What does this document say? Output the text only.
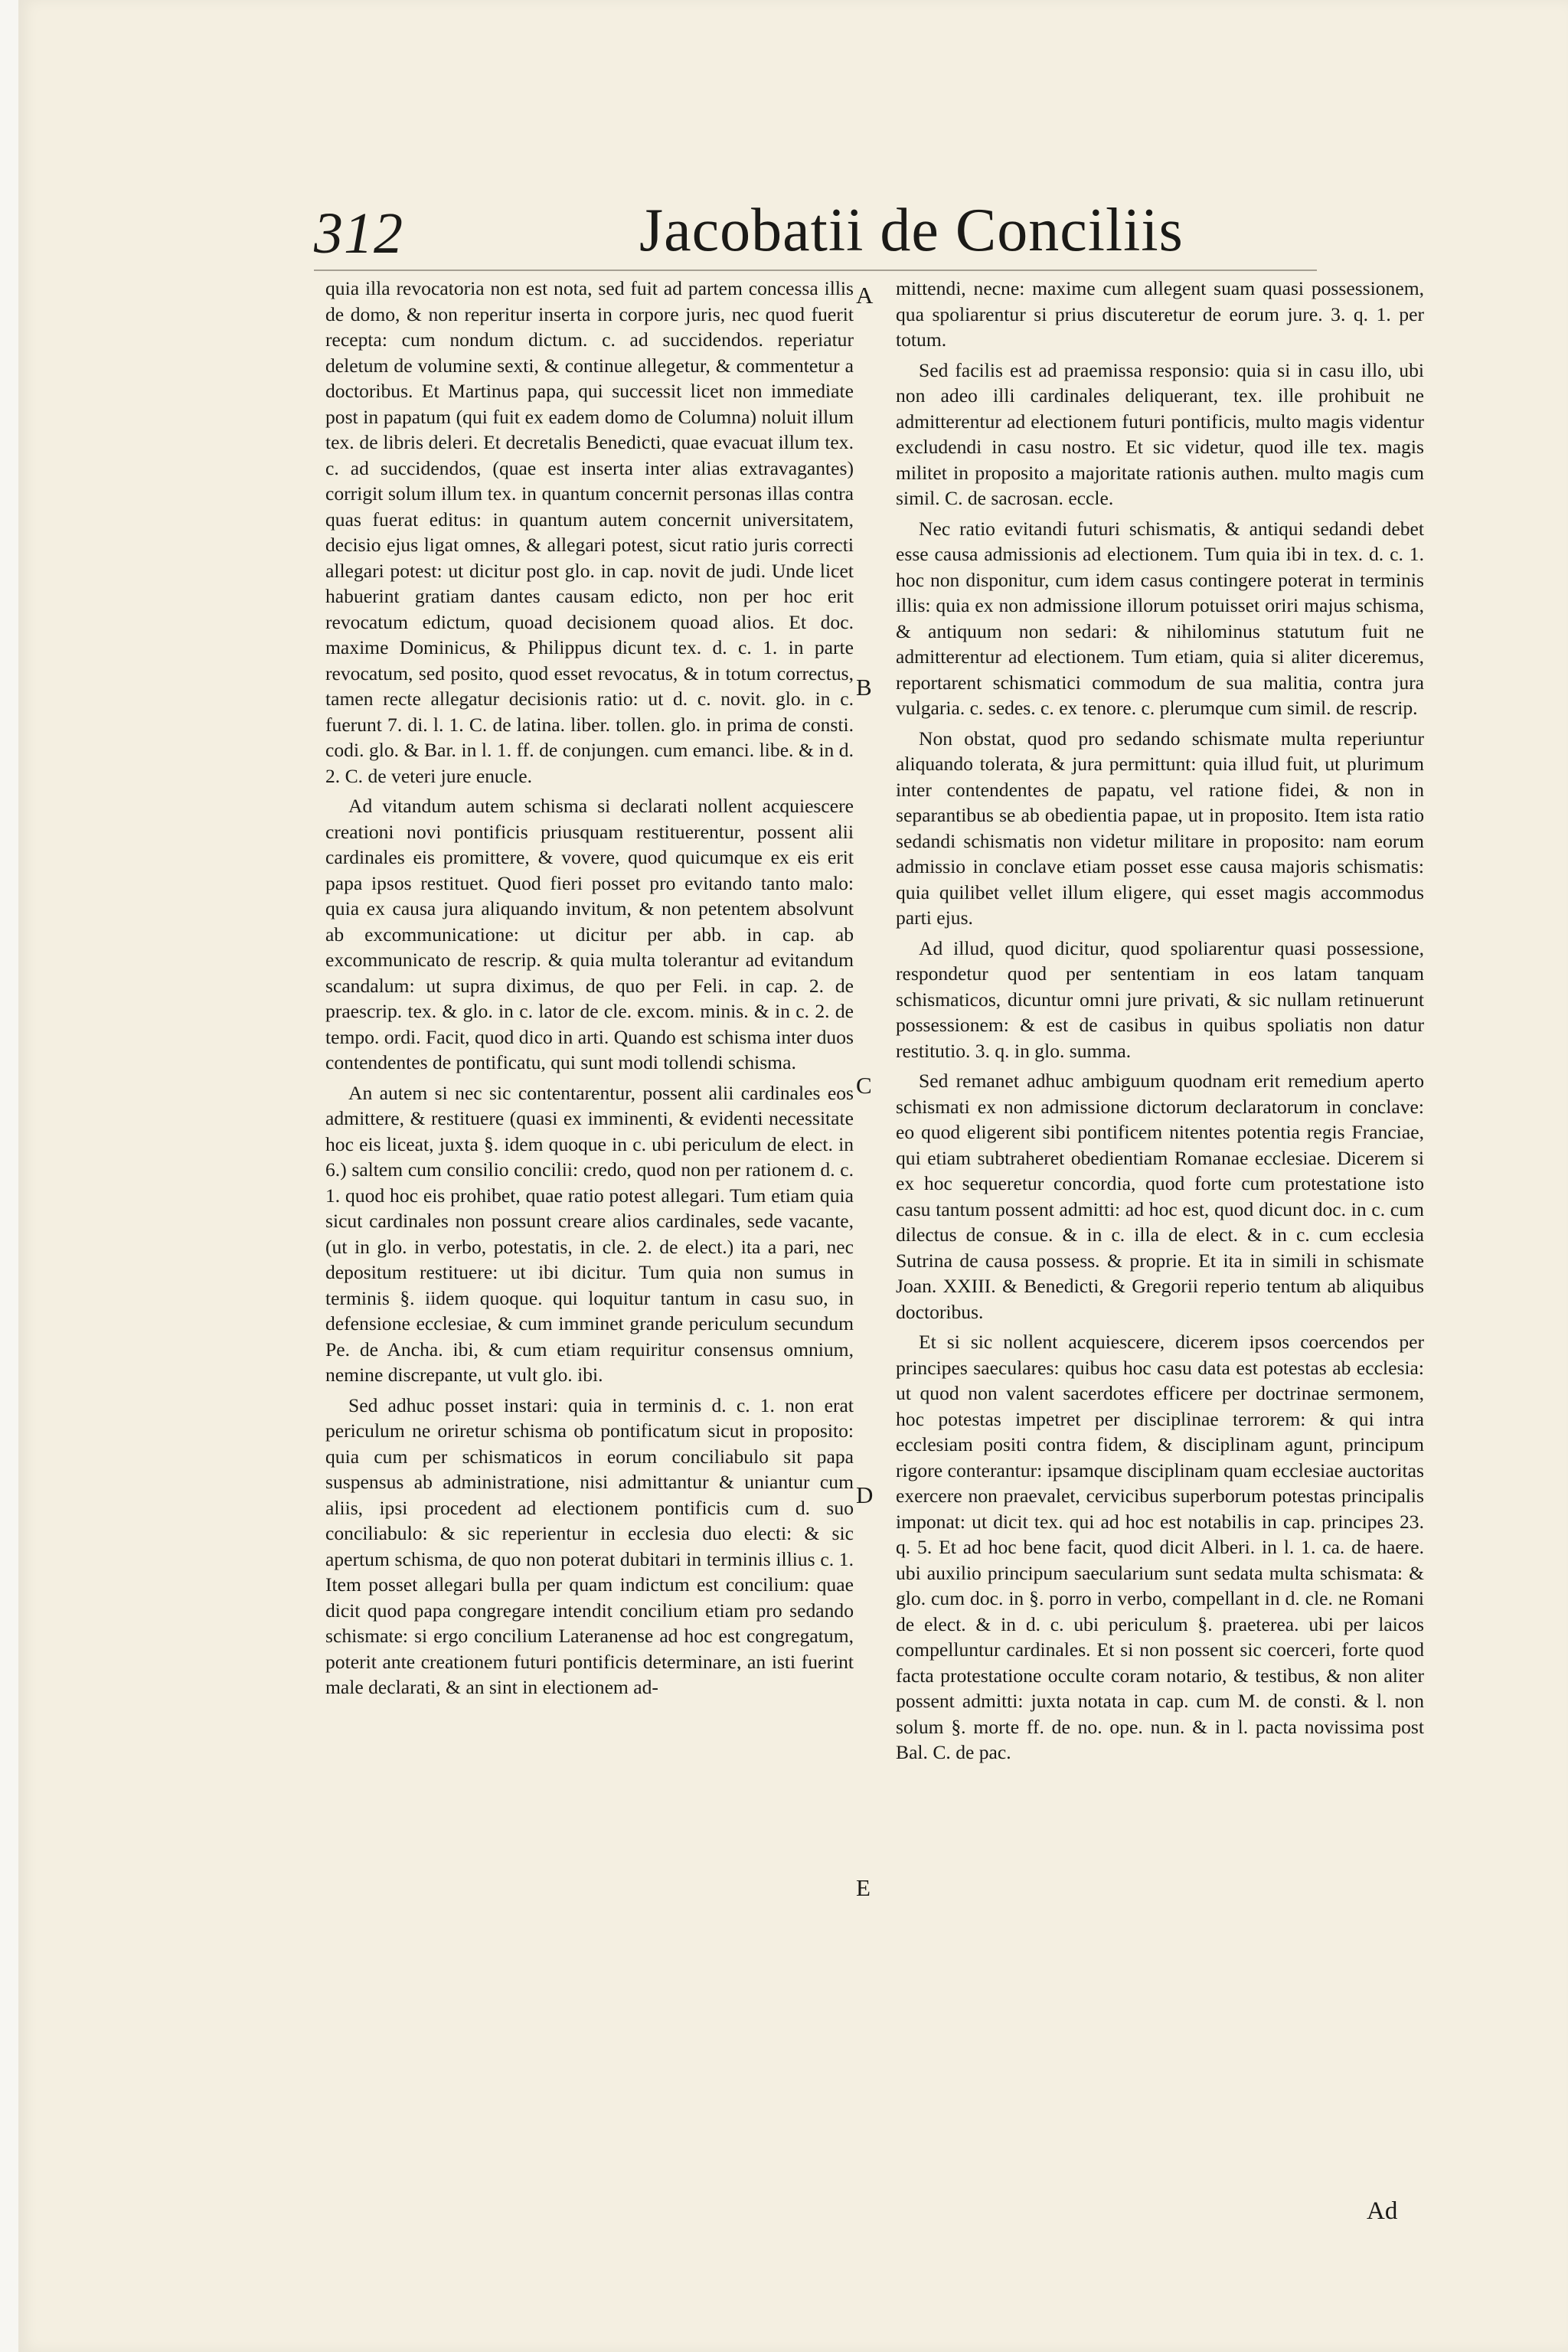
312	Jacobatii de Conciliis

quia illa revocatoria non est nota, sed fuit ad partem concessa illis de domo, & non reperitur inserta in corpore juris, nec quod fuerit recepta: cum nondum dictum. c. ad succidendos. reperiatur deletum de volumine sexti, & continue allegetur, & commentetur a doctoribus. Et Martinus papa, qui successit licet non immediate post in papatum (qui fuit ex eadem domo de Columna) noluit illum tex. de libris deleri. Et decretalis Benedicti, quae evacuat illum tex. c. ad succidendos, (quae est inserta inter alias extravagantes) corrigit solum illum tex. in quantum concernit personas illas contra quas fuerat editus: in quantum autem concernit universitatem, decisio ejus ligat omnes, & allegari potest, sicut ratio juris correcti allegari potest: ut dicitur post glo. in cap. novit de judi. Unde licet habuerint gratiam dantes causam edicto, non per hoc erit revocatum edictum, quoad decisionem quoad alios. Et doc. maxime Dominicus, & Philippus dicunt tex. d. c. 1. in parte revocatum, sed posito, quod esset revocatus, & in totum correctus, tamen recte allegatur decisionis ratio: ut d. c. novit. glo. in c. fuerunt 7. di. l. 1. C. de latina. liber. tollen. glo. in prima de consti. codi. glo. & Bar. in l. 1. ff. de conjungen. cum emanci. libe. & in d. 2. C. de veteri jure enucle.

Ad vitandum autem schisma si declarati nollent acquiescere creationi novi pontificis priusquam restituerentur, possent alii cardinales eis promittere, & vovere, quod quicumque ex eis erit papa ipsos restituet. Quod fieri posset pro evitando tanto malo: quia ex causa jura aliquando invitum, & non petentem absolvunt ab excommunicatione: ut dicitur per abb. in cap. ab excommunicato de rescrip. & quia multa tolerantur ad evitandum scandalum: ut supra diximus, de quo per Feli. in cap. 2. de praescrip. tex. & glo. in c. lator de cle. excom. minis. & in c. 2. de tempo. ordi. Facit, quod dico in arti. Quando est schisma inter duos contendentes de pontificatu, qui sunt modi tollendi schisma.

An autem si nec sic contentarentur, possent alii cardinales eos admittere, & restituere (quasi ex imminenti, & evidenti necessitate hoc eis liceat, juxta §. idem quoque in c. ubi periculum de elect. in 6.) saltem cum consilio concilii: credo, quod non per rationem d. c. 1. quod hoc eis prohibet, quae ratio potest allegari. Tum etiam quia sicut cardinales non possunt creare alios cardinales, sede vacante, (ut in glo. in verbo, potestatis, in cle. 2. de elect.) ita a pari, nec depositum restituere: ut ibi dicitur. Tum quia non sumus in terminis §. iidem quoque. qui loquitur tantum in casu suo, in defensione ecclesiae, & cum imminet grande periculum secundum Pe. de Ancha. ibi, & cum etiam requiritur consensus omnium, nemine discrepante, ut vult glo. ibi.

Sed adhuc posset instari: quia in terminis d. c. 1. non erat periculum ne oriretur schisma ob pontificatum sicut in proposito: quia cum per schismaticos in eorum conciliabulo sit papa suspensus ab administratione, nisi admittantur & uniantur cum aliis, ipsi procedent ad electionem pontificis cum d. suo conciliabulo: & sic reperientur in ecclesia duo electi: & sic apertum schisma, de quo non poterat dubitari in terminis illius c. 1. Item posset allegari bulla per quam indictum est concilium: quae dicit quod papa congregare intendit concilium etiam pro sedando schismate: si ergo concilium Lateranense ad hoc est congregatum, poterit ante creationem futuri pontificis determinare, an isti fuerint male declarati, & an sint in electionem ad-

A
B
C
D
E

mittendi, necne: maxime cum allegent suam quasi possessionem, qua spoliarentur si prius discuteretur de eorum jure. 3. q. 1. per totum.

Sed facilis est ad praemissa responsio: quia si in casu illo, ubi non adeo illi cardinales deliquerant, tex. ille prohibuit ne admitterentur ad electionem futuri pontificis, multo magis videntur excludendi in casu nostro. Et sic videtur, quod ille tex. magis militet in proposito a majoritate rationis authen. multo magis cum simil. C. de sacrosan. eccle.

Nec ratio evitandi futuri schismatis, & antiqui sedandi debet esse causa admissionis ad electionem. Tum quia ibi in tex. d. c. 1. hoc non disponitur, cum idem casus contingere poterat in terminis illis: quia ex non admissione illorum potuisset oriri majus schisma, & antiquum non sedari: & nihilominus statutum fuit ne admitterentur ad electionem. Tum etiam, quia si aliter diceremus, reportarent schismatici commodum de sua malitia, contra jura vulgaria. c. sedes. c. ex tenore. c. plerumque cum simil. de rescrip.

Non obstat, quod pro sedando schismate multa reperiuntur aliquando tolerata, & jura permittunt: quia illud fuit, ut plurimum inter contendentes de papatu, vel ratione fidei, & non in separantibus se ab obedientia papae, ut in proposito. Item ista ratio sedandi schismatis non videtur militare in proposito: nam eorum admissio in conclave etiam posset esse causa majoris schismatis: quia quilibet vellet illum eligere, qui esset magis accommodus parti ejus.

Ad illud, quod dicitur, quod spoliarentur quasi possessione, respondetur quod per sententiam in eos latam tanquam schismaticos, dicuntur omni jure privati, & sic nullam retinuerunt possessionem: & est de casibus in quibus spoliatis non datur restitutio. 3. q. in glo. summa.

Sed remanet adhuc ambiguum quodnam erit remedium aperto schismati ex non admissione dictorum declaratorum in conclave: eo quod eligerent sibi pontificem nitentes potentia regis Franciae, qui etiam subtraheret obedientiam Romanae ecclesiae. Dicerem si ex hoc sequeretur concordia, quod forte cum protestatione isto casu tantum possent admitti: ad hoc est, quod dicunt doc. in c. cum dilectus de consue. & in c. illa de elect. & in c. cum ecclesia Sutrina de causa possess. & proprie. Et ita in simili in schismate Joan. XXIII. & Benedicti, & Gregorii reperio tentum ab aliquibus doctoribus.

Et si sic nollent acquiescere, dicerem ipsos coercendos per principes saeculares: quibus hoc casu data est potestas ab ecclesia: ut quod non valent sacerdotes efficere per doctrinae sermonem, hoc potestas impetret per disciplinae terrorem: & qui intra ecclesiam positi contra fidem, & disciplinam agunt, principum rigore conterantur: ipsamque disciplinam quam ecclesiae auctoritas exercere non praevalet, cervicibus superborum potestas principalis imponat: ut dicit tex. qui ad hoc est notabilis in cap. principes 23. q. 5. Et ad hoc bene facit, quod dicit Alberi. in l. 1. ca. de haere. ubi auxilio principum saecularium sunt sedata multa schismata: & glo. cum doc. in §. porro in verbo, compellant in d. cle. ne Romani de elect. & in d. c. ubi periculum §. praeterea. ubi per laicos compelluntur cardinales. Et si non possent sic coerceri, forte quod facta protestatione occulte coram notario, & testibus, & non aliter possent admitti: juxta notata in cap. cum M. de consti. & l. non solum §. morte ff. de no. ope. nun. & in l. pacta novissima post Bal. C. de pac.

Ad
